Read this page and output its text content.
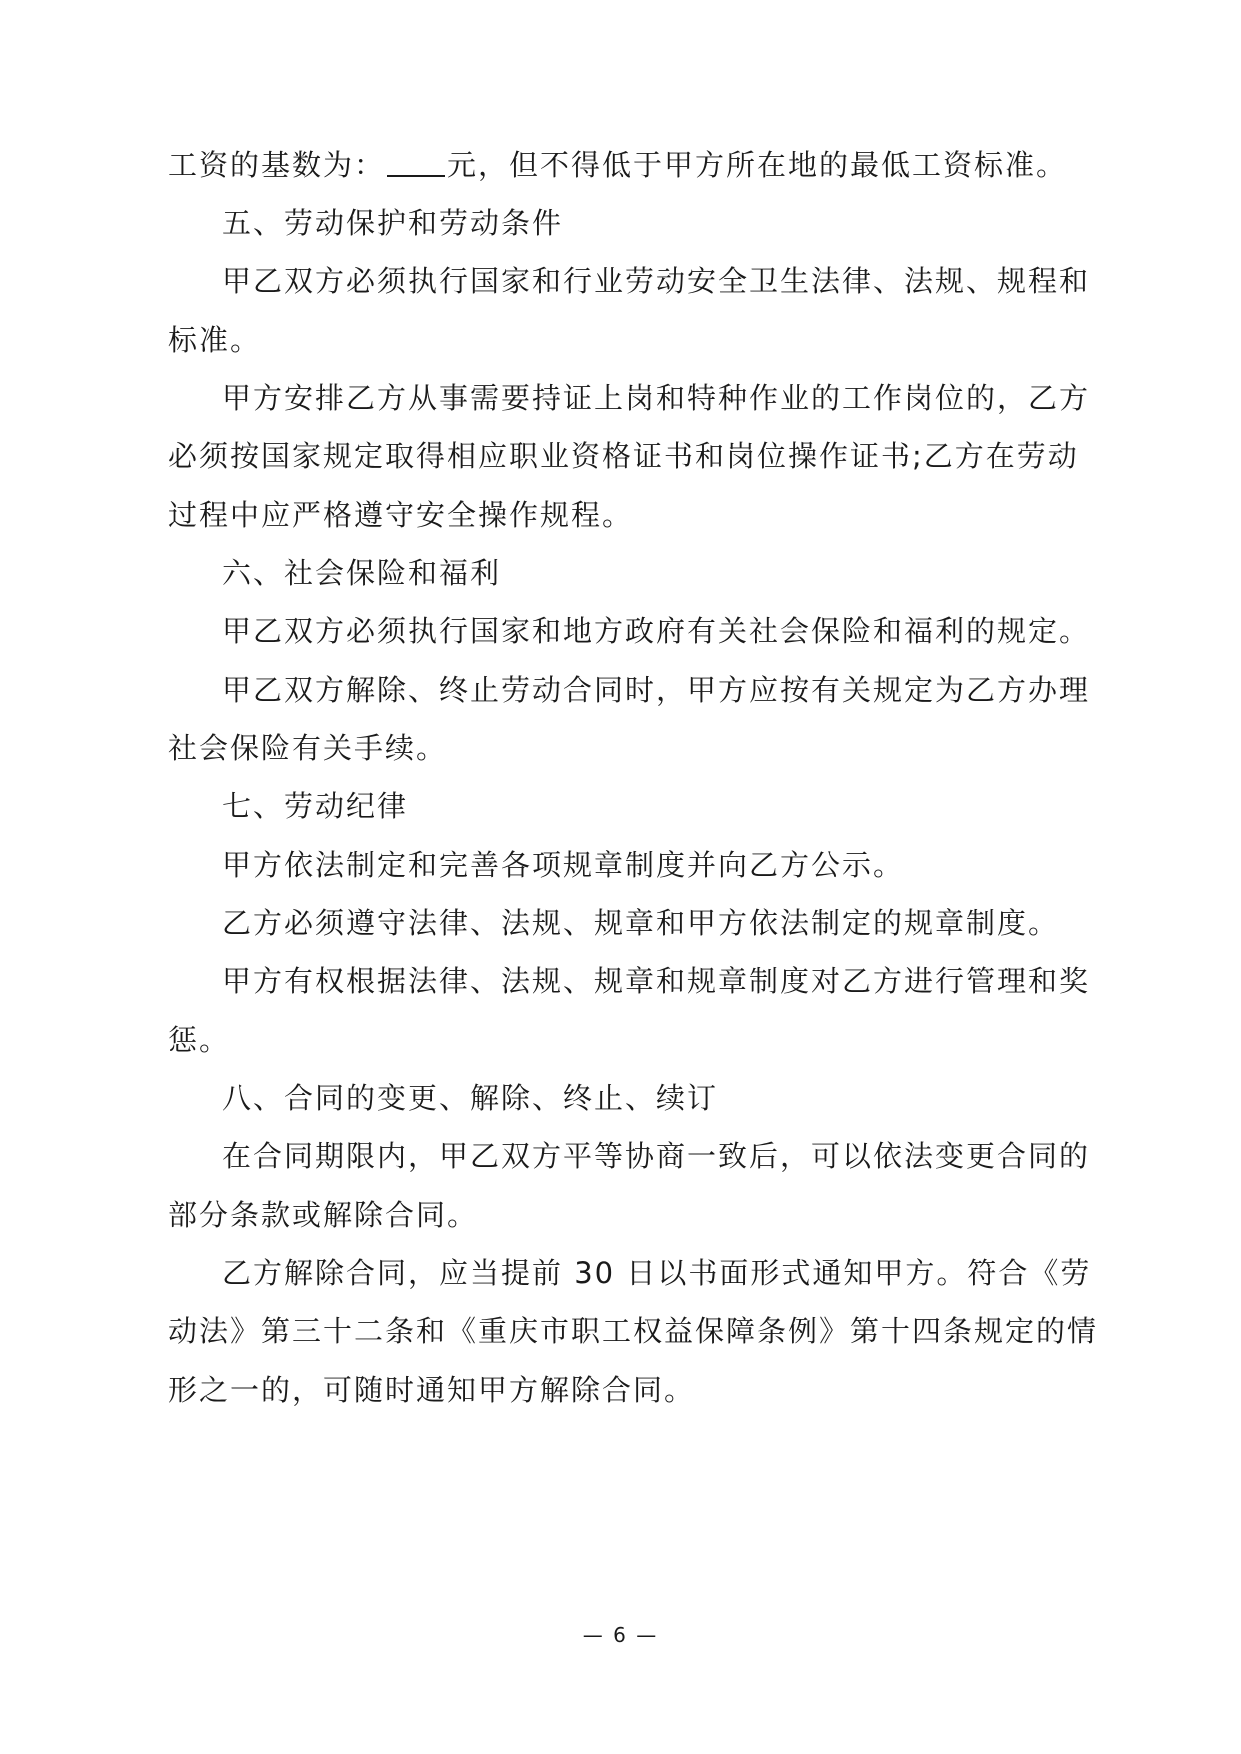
工资的基数为： 元，但不得低于甲方所在地的最低工资标准。
五、劳动保护和劳动条件
甲乙双方必须执行国家和行业劳动安全卫生法律、法规、规程和
标准。
甲方安排乙方从事需要持证上岗和特种作业的工作岗位的，乙方
必须按国家规定取得相应职业资格证书和岗位操作证书;乙方在劳动
过程中应严格遵守安全操作规程。
六、社会保险和福利
甲乙双方必须执行国家和地方政府有关社会保险和福利的规定。
甲乙双方解除、终止劳动合同时，甲方应按有关规定为乙方办理
社会保险有关手续。
七、劳动纪律
甲方依法制定和完善各项规章制度并向乙方公示。
乙方必须遵守法律、法规、规章和甲方依法制定的规章制度。
甲方有权根据法律、法规、规章和规章制度对乙方进行管理和奖
惩。
八、合同的变更、解除、终止、续订
在合同期限内，甲乙双方平等协商一致后，可以依法变更合同的
部分条款或解除合同。
乙方解除合同，应当提前 30 日以书面形式通知甲方。符合《劳
动法》第三十二条和《重庆市职工权益保障条例》第十四条规定的情
形之一的，可随时通知甲方解除合同。
— 6 —
